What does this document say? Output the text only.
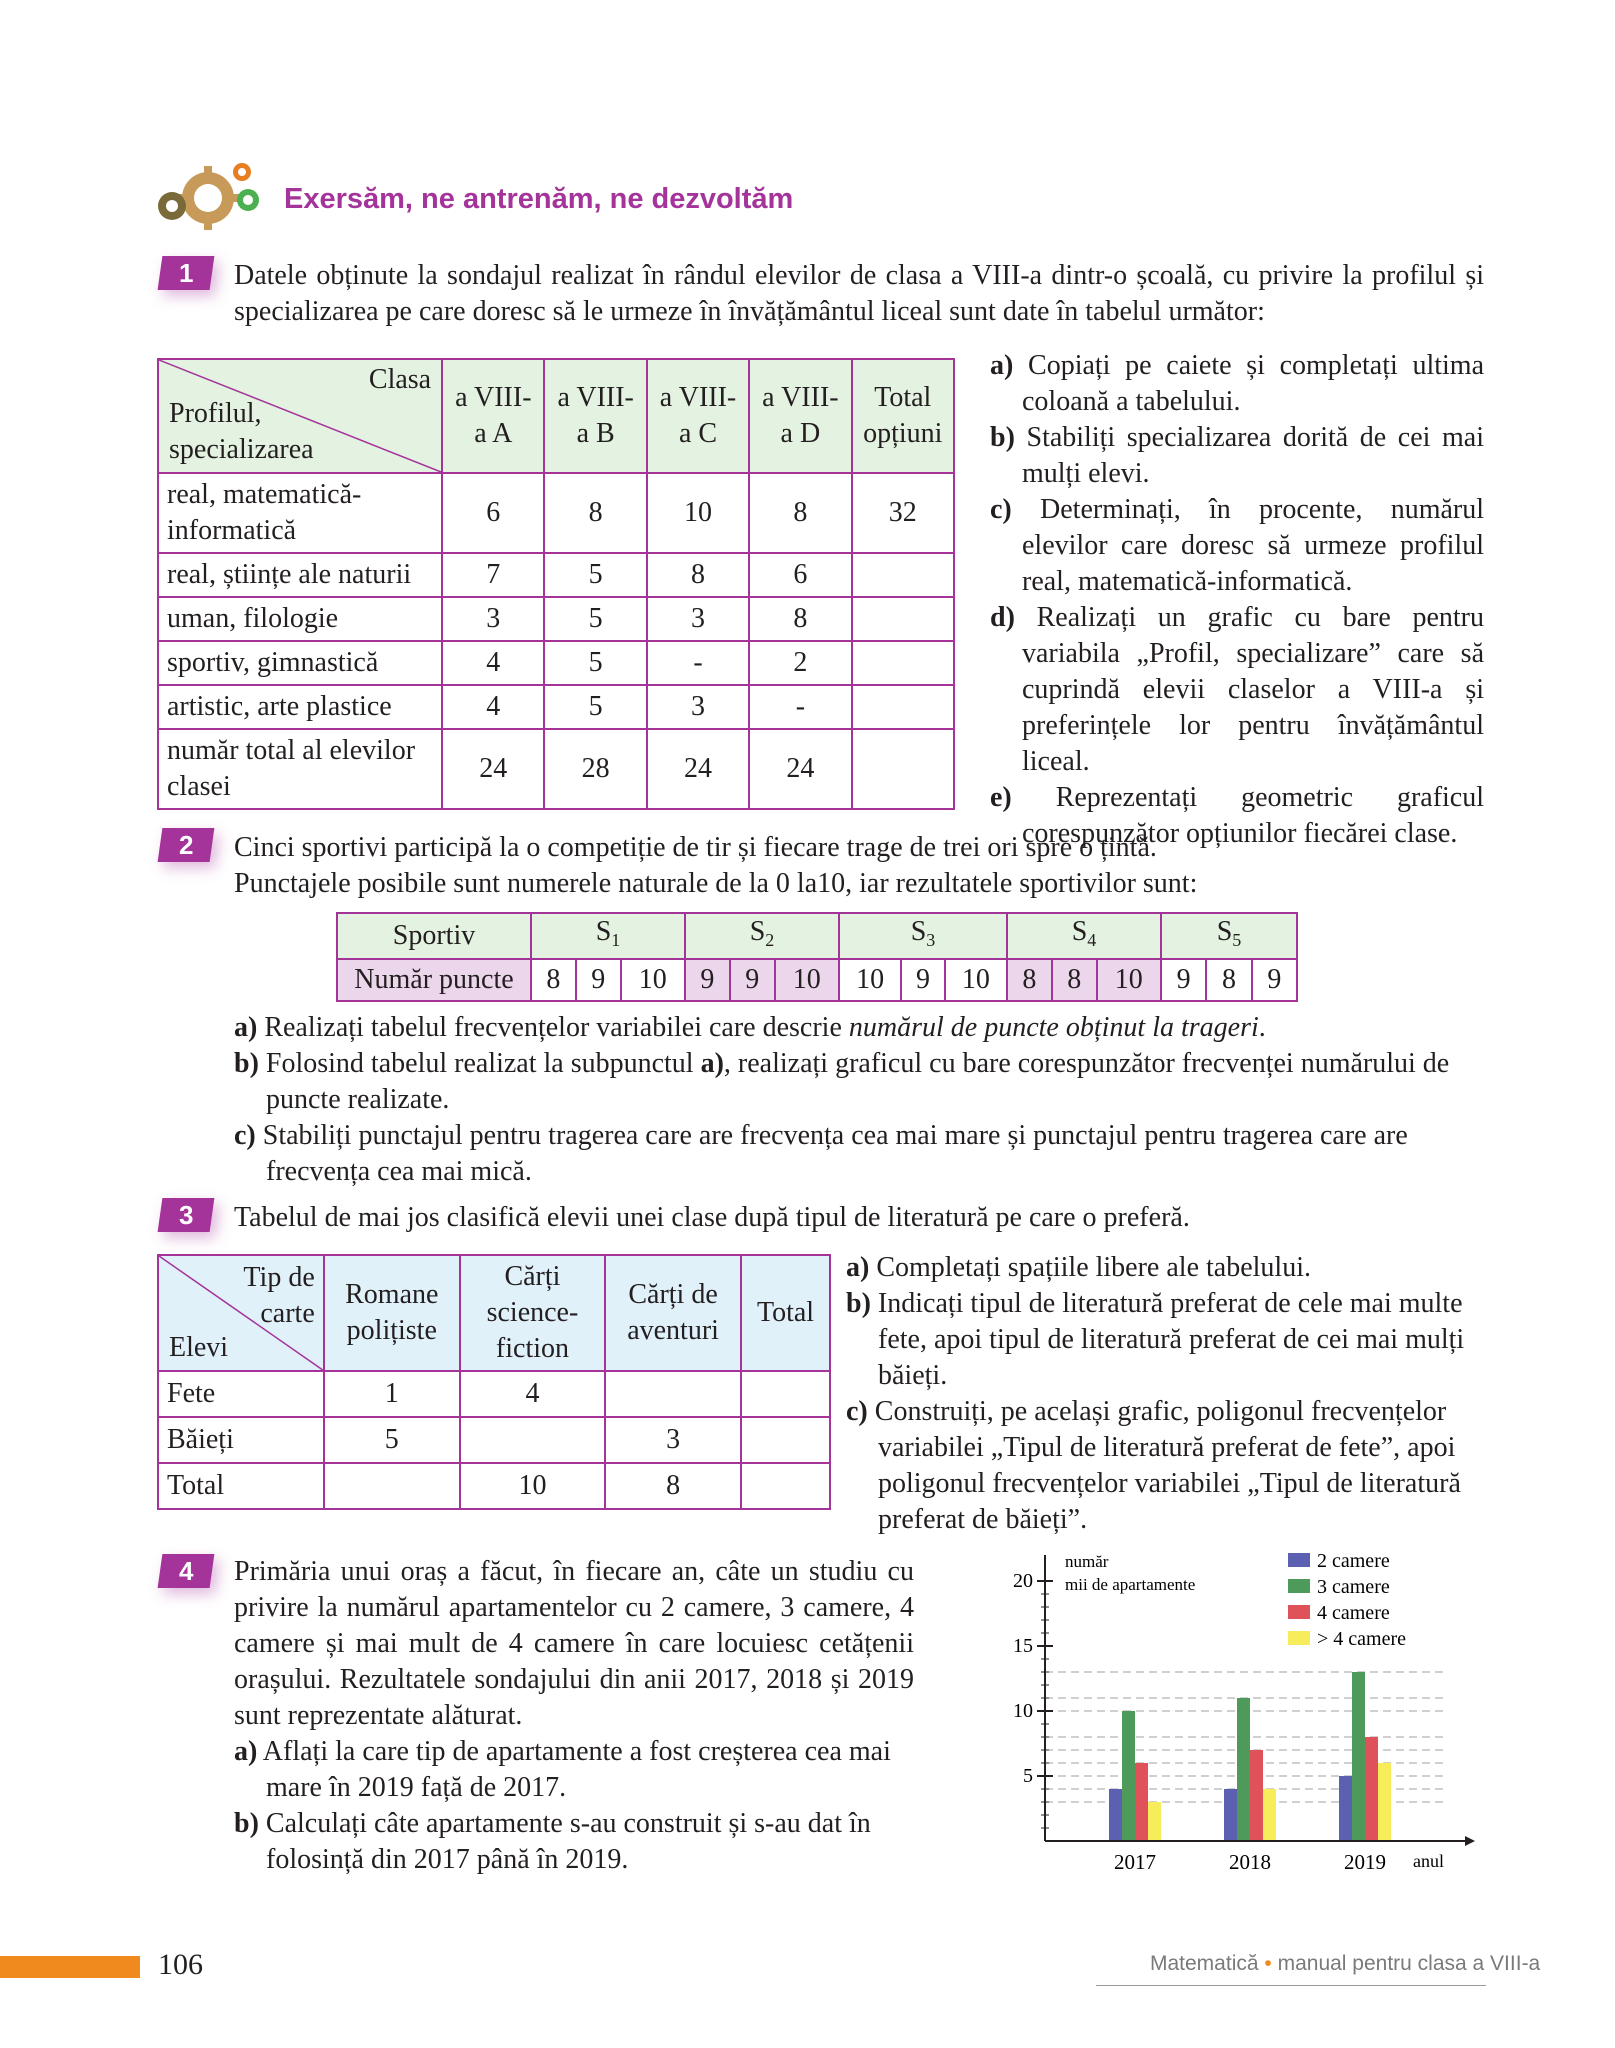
Exersăm, ne antrenăm, ne dezvoltăm
1	Datele obținute la sondajul realizat în rândul elevilor de clasa a VIII-a dintr-o școală, cu privire la profilul și specializarea pe care doresc să le urmeze în învățământul liceal sunt date în tabelul următor:
Clasa
Profilul, specializarea	a VIII-a A	a VIII-a B	a VIII-a C	a VIII-a D	Total opțiuni
real, matematică-informatică	6	8	10	8	32
real, științe ale naturii	7	5	8	6	
uman, filologie	3	5	3	8	
sportiv, gimnastică	4	5	-	2	
artistic, arte plastice	4	5	3	-	
număr total al elevilor clasei	24	28	24	24	
a) Copiați pe caiete și completați ultima coloană a tabelului.
b) Stabiliți specializarea dorită de cei mai mulți elevi.
c) Determinați, în procente, numărul elevilor care doresc să urmeze profilul real, matematică-informatică.
d) Realizați un grafic cu bare pentru variabila „Profil, specializare” care să cuprindă elevii claselor a VIII-a și preferințele lor pentru învățământul liceal.
e) Reprezentați geometric graficul corespunzător opțiunilor fiecărei clase.
2	Cinci sportivi participă la o competiție de tir și fiecare trage de trei ori spre o țintă.
Punctajele posibile sunt numerele naturale de la 0 la10, iar rezultatele sportivilor sunt:
Sportiv	$S_1$			$S_2$			$S_3$			$S_4$			$S_5$
Număr puncte	8	9	10	9	9	10	10	9	10	8	8	10	9	8	9
a) Realizați tabelul frecvențelor variabilei care descrie numărul de puncte obținut la trageri.
b) Folosind tabelul realizat la subpunctul a), realizați graficul cu bare corespunzător frecvenței numărului de puncte realizate.
c) Stabiliți punctajul pentru tragerea care are frecvența cea mai mare și punctajul pentru tragerea care are frecvența cea mai mică.
3	Tabelul de mai jos clasifică elevii unei clase după tipul de literatură pe care o preferă.
Tip de carte
Elevi	Romane polițiste	Cărți science-fiction	Cărți de aventuri	Total
Fete	1	4		
Băieți	5		3	
Total		10	8	
a) Completați spațiile libere ale tabelului.
b) Indicați tipul de literatură preferat de cele mai multe fete, apoi tipul de literatură preferat de cei mai mulți băieți.
c) Construiți, pe același grafic, poligonul frecvențelor variabilei „Tipul de literatură preferat de fete”, apoi poligonul frecvențelor variabilei „Tipul de literatură preferat de băieți”.
4	Primăria unui oraș a făcut, în fiecare an, câte un studiu cu privire la numărul apartamentelor cu 2 camere, 3 camere, 4 camere și mai mult de 4 camere în care locuiesc cetățenii orașului. Rezultatele sondajului din anii 2017, 2018 și 2019 sunt reprezentate alăturat.
a) Aflați la care tip de apartamente a fost creșterea cea mai mare în 2019 față de 2017.
b) Calculați câte apartamente s-au construit și s-au dat în folosință din 2017 până în 2019.
5
10
15
20
2017	2018	2019
număr
mii de apartamente
anul
2 camere
3 camere
4 camere
> 4 camere
106	Matematică • manual pentru clasa a VIII-a
